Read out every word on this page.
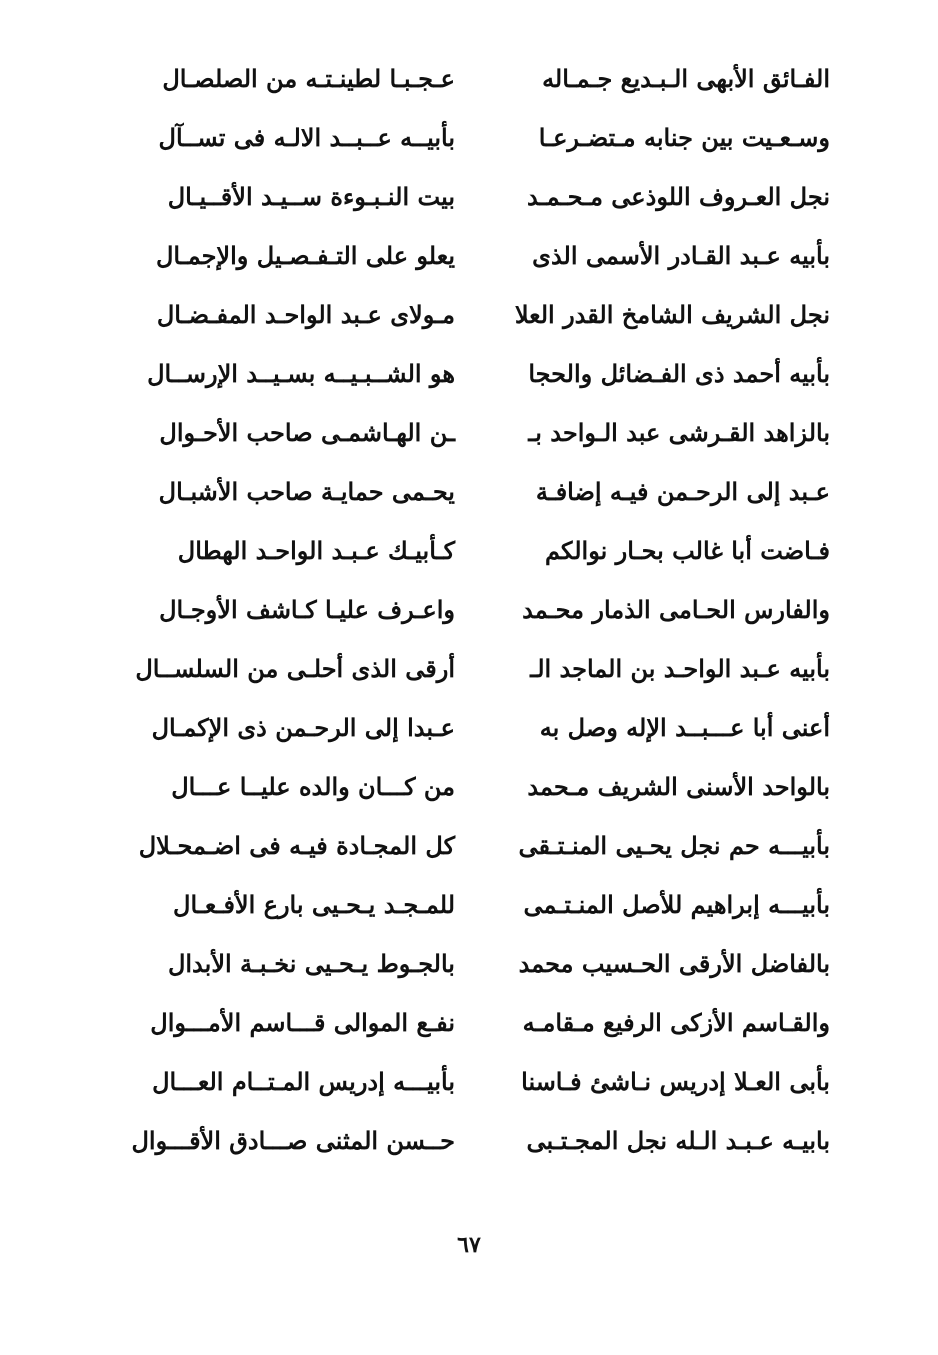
الفـائق الأبهى الـبـديع جـمـاله
عـجـبـا لطينـتـه من الصلصـال
وسـعـيت بين جنابه مـتضـرعـا
بأبيــه عــبــد الالـه فى تســآل
نجل العـروف اللوذعى مـحـمـد
بيت النـبـوءة ســيـد الأقــيـال
بأبيه عـبد القـادر الأسمى الذى
يعلو على التـفـصـيل والإجمـال
نجل الشريف الشامخ القدر العلا
مـولاى عـبد الواحـد المفـضـال
بأبيه أحمد ذى الفـضائل والحجا
هو الشــبـيــه بسـيــد الإرســال
بالزاهد القـرشى عبد الـواحد بـ
ـن الهـاشمـى صاحب الأحـوال
عـبد إلى الرحـمن فيـه إضافـة
يحـمى حمايـة صاحب الأشبـال
فـاضت أبا غالب بحـار نوالكم
كـأبيـك عـبـد الواحـد الهطال
والفارس الحـامى الذمار محـمد
واعـرف عليـا كـاشف الأوجـال
بأبيه عـبد الواحـد بن الماجد الـ
أرقى الذى أحلـى من السلســال
أعنى أبا عـــبــد الإله وصل به
عـبدا إلى الرحـمن ذى الإكمـال
بالواحد الأسنى الشريف مـحمد
من كـــان والده عليــا عـــال
بأبيـــه حم نجل يحـيى المنـتـقى
كل المجـادة فيـه فى اضـمحـلال
بأبيـــه إبراهيم للأصل المنـتـمى
للمـجـد يـحـيى بارع الأفـعـال
بالفاضل الأرقى الحـسيب محمد
بالجـوط يـحـيى نخـبـة الأبدال
والقـاسم الأزكى الرفيع مـقامـه
نفـع الموالى قـــاسم الأمـــوال
بأبى العـلا إدريس نـاشئ فـاسنا
بأبيـــه إدريس المـتــام العـــال
بابيـه عـبـد الـله نجل المجـتـبى
حــسن المثنى صـــادق الأقـــوال
٦٧
